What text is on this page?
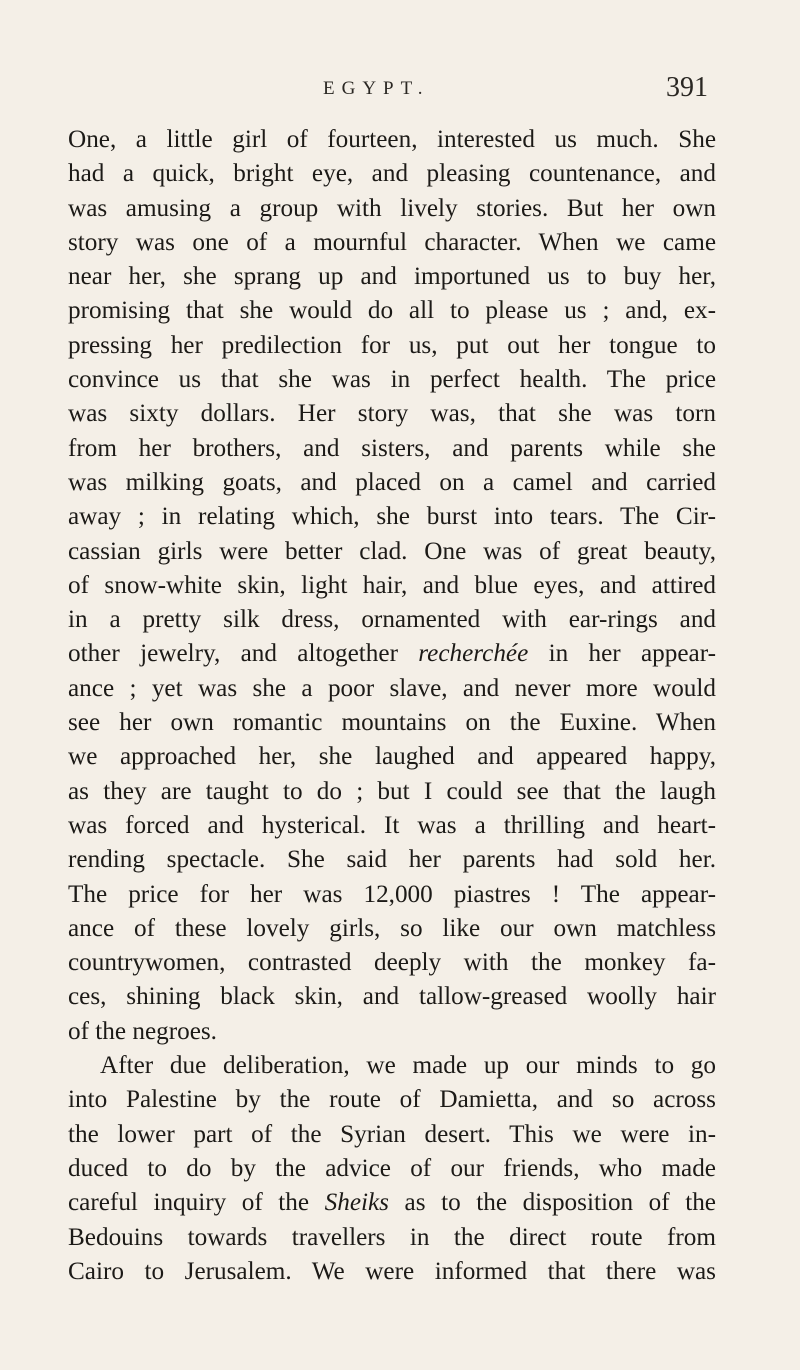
EGYPT.	391
One, a little girl of fourteen, interested us much. She
had a quick, bright eye, and pleasing countenance, and
was amusing a group with lively stories. But her own
story was one of a mournful character. When we came
near her, she sprang up and importuned us to buy her,
promising that she would do all to please us ; and, ex-
pressing her predilection for us, put out her tongue to
convince us that she was in perfect health. The price
was sixty dollars. Her story was, that she was torn
from her brothers, and sisters, and parents while she
was milking goats, and placed on a camel and carried
away ; in relating which, she burst into tears. The Cir-
cassian girls were better clad. One was of great beauty,
of snow-white skin, light hair, and blue eyes, and attired
in a pretty silk dress, ornamented with ear-rings and
other jewelry, and altogether recherchée in her appear-
ance ; yet was she a poor slave, and never more would
see her own romantic mountains on the Euxine. When
we approached her, she laughed and appeared happy,
as they are taught to do ; but I could see that the laugh
was forced and hysterical. It was a thrilling and heart-
rending spectacle. She said her parents had sold her.
The price for her was 12,000 piastres ! The appear-
ance of these lovely girls, so like our own matchless
countrywomen, contrasted deeply with the monkey fa-
ces, shining black skin, and tallow-greased woolly hair
of the negroes.
After due deliberation, we made up our minds to go
into Palestine by the route of Damietta, and so across
the lower part of the Syrian desert. This we were in-
duced to do by the advice of our friends, who made
careful inquiry of the Sheiks as to the disposition of the
Bedouins towards travellers in the direct route from
Cairo to Jerusalem. We were informed that there was
